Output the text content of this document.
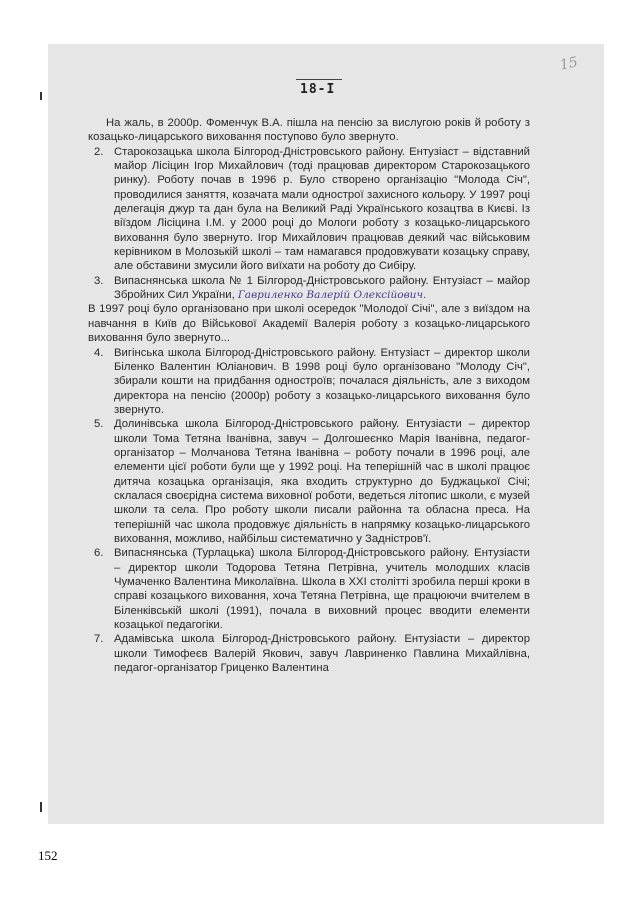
18-I
15

На жаль, в 2000р. Фоменчук В.А. пішла на пенсію за вислугою років й роботу з козацько-лицарського виховання поступово було звернуто.

2. Старокозацька школа Білгород-Дністровського району. Ентузіаст – відставний майор Лісіцин Ігор Михайлович (тоді працював директором Старокозацького ринку). Роботу почав в 1996 р. Було створено організацію "Молода Січ", проводилися заняття, козачата мали однострої захисного кольору. У 1997 році делегація джур та дан була на Великий Раді Українського козацтва в Києві. Із віїздом Лісіцина І.М. у 2000 році до Мологи роботу з козацько-лицарського виховання було звернуто. Ігор Михайлович працював деякий час військовим керівником в Молозькій школі – там намагався продовжувати козацьку справу, але обставини змусили його виїхати на роботу до Сибіру.
3. Випаснянська школа № 1 Білгород-Дністровського району. Ентузіаст – майор Збройних Сил України, Гавриленко Валерій Олексійович.

В 1997 році було організовано при школі осередок "Молодої Січі", але з виїздом на навчання в Київ до Військової Академії Валерія роботу з козацько-лицарського виховання було звернуто...

4. Вигінська школа Білгород-Дністровського району. Ентузіаст – директор школи Біленко Валентин Юліанович. В 1998 році було організовано "Молоду Січ", збирали кошти на придбання одностроїв; почалася діяльність, але з виходом директора на пенсію (2000р) роботу з козацько-лицарського виховання було звернуто.
5. Долинівська школа Білгород-Дністровського району. Ентузіасти – директор школи Тома Тетяна Іванівна, завуч – Долгошеєнко Марія Іванівна, педагог-організатор – Молчанова Тетяна Іванівна – роботу почали в 1996 році, але елементи цієї роботи були ще у 1992 році. На теперішній час в школі працює дитяча козацька організація, яка входить структурно до Буджацької Січі; склалася своєрідна система виховної роботи, ведеться літопис школи, є музей школи та села. Про роботу школи писали районна та обласна преса. На теперішній час школа продовжує діяльність в напрямку козацько-лицарського виховання, можливо, найбільш систематично у Задністров'ї.
6. Випаснянська (Турлацька) школа Білгород-Дністровського району. Ентузіасти – директор школи Тодорова Тетяна Петрівна, учитель молодших класів Чумаченко Валентина Миколаївна. Школа в XXI столітті зробила перші кроки в справі козацького виховання, хоча Тетяна Петрівна, ще працюючи вчителем в Біленківській школі (1991), почала в виховний процес вводити елементи козацької педагогіки.
7. Адамівська школа Білгород-Дністровського району. Ентузіасти – директор школи Тимофеєв Валерій Якович, завуч Лавриненко Павлина Михайлівна, педагог-організатор Гриценко Валентина
152
